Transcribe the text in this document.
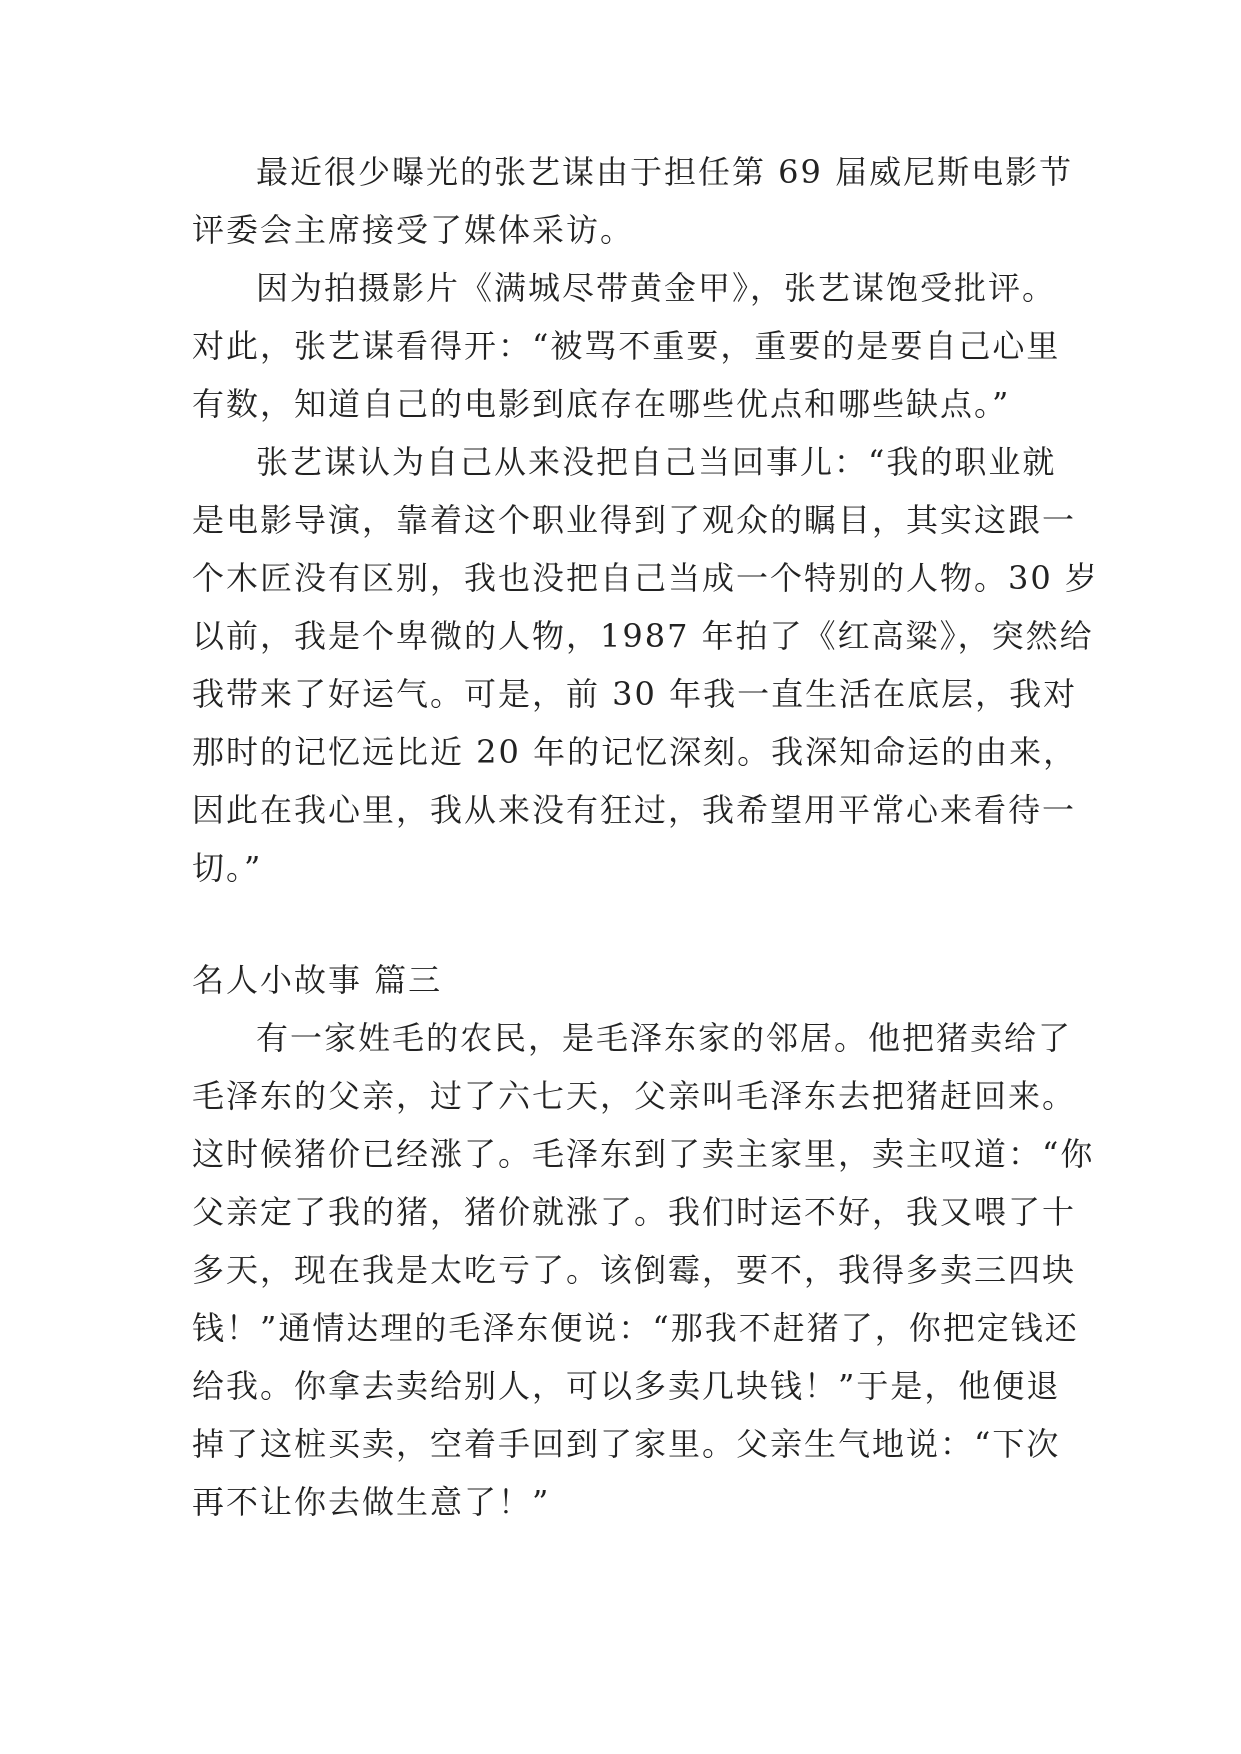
最近很少曝光的张艺谋由于担任第 69 届威尼斯电影节
评委会主席接受了媒体采访。
因为拍摄影片《满城尽带黄金甲》，张艺谋饱受批评。
对此，张艺谋看得开：“被骂不重要，重要的是要自己心里
有数，知道自己的电影到底存在哪些优点和哪些缺点。”
张艺谋认为自己从来没把自己当回事儿：“我的职业就
是电影导演，靠着这个职业得到了观众的瞩目，其实这跟一
个木匠没有区别，我也没把自己当成一个特别的人物。30 岁
以前，我是个卑微的人物，1987 年拍了《红高粱》，突然给
我带来了好运气。可是，前 30 年我一直生活在底层，我对
那时的记忆远比近 20 年的记忆深刻。我深知命运的由来，
因此在我心里，我从来没有狂过，我希望用平常心来看待一
切。”
名人小故事 篇三
有一家姓毛的农民，是毛泽东家的邻居。他把猪卖给了
毛泽东的父亲，过了六七天，父亲叫毛泽东去把猪赶回来。
这时候猪价已经涨了。毛泽东到了卖主家里，卖主叹道：“你
父亲定了我的猪，猪价就涨了。我们时运不好，我又喂了十
多天，现在我是太吃亏了。该倒霉，要不，我得多卖三四块
钱！”通情达理的毛泽东便说：“那我不赶猪了，你把定钱还
给我。你拿去卖给别人，可以多卖几块钱！”于是，他便退
掉了这桩买卖，空着手回到了家里。父亲生气地说：“下次
再不让你去做生意了！”
